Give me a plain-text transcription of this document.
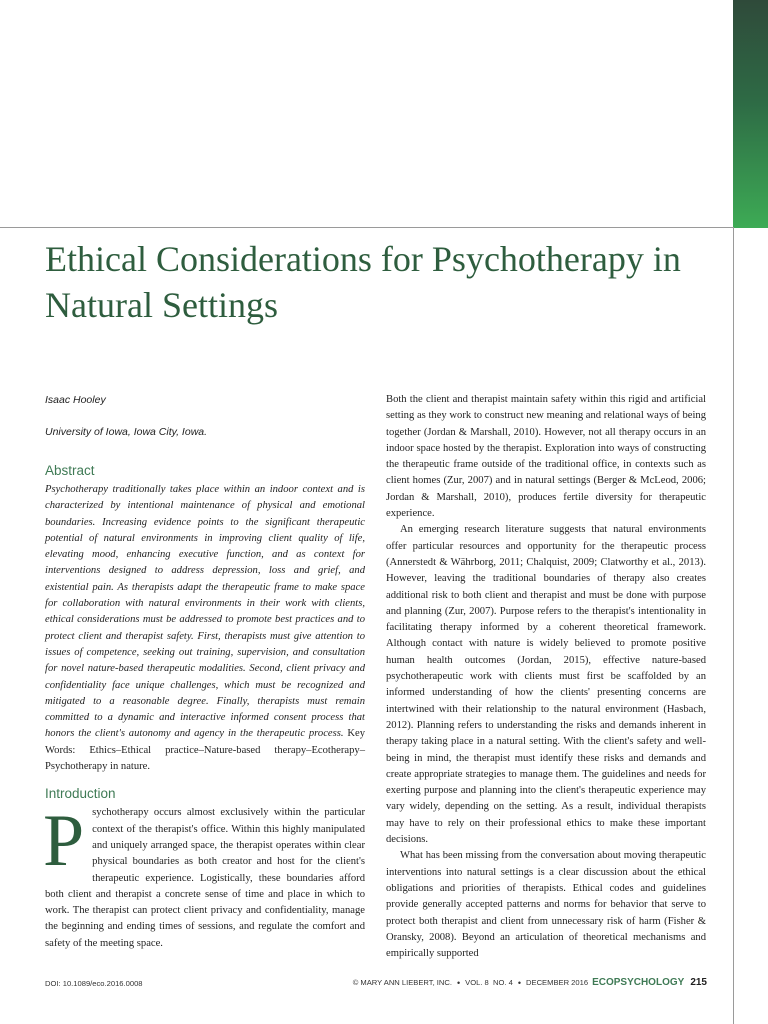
Ethical Considerations for Psychotherapy in Natural Settings

Isaac Hooley

University of Iowa, Iowa City, Iowa.

Abstract

Psychotherapy traditionally takes place within an indoor context and is characterized by intentional maintenance of physical and emotional boundaries. Increasing evidence points to the significant therapeutic potential of natural environments in improving client quality of life, elevating mood, enhancing executive function, and as context for interventions designed to address depression, loss and grief, and existential pain. As therapists adapt the therapeutic frame to make space for collaboration with natural environments in their work with clients, ethical considerations must be addressed to promote best practices and to protect client and therapist safety. First, therapists must give attention to issues of competence, seeking out training, supervision, and consultation for novel nature-based therapeutic modalities. Second, client privacy and confidentiality face unique challenges, which must be recognized and mitigated to a reasonable degree. Finally, therapists must remain committed to a dynamic and interactive informed consent process that honors the client's autonomy and agency in the therapeutic process. Key Words: Ethics–Ethical practice–Nature-based therapy–Ecotherapy–Psychotherapy in nature.

Introduction

Psychotherapy occurs almost exclusively within the particular context of the therapist's office. Within this highly manipulated and uniquely arranged space, the therapist operates within clear physical boundaries as both creator and host for the client's therapeutic experience. Logistically, these boundaries afford both client and therapist a concrete sense of time and place in which to work. The therapist can protect client privacy and confidentiality, manage the beginning and ending times of sessions, and regulate the comfort and safety of the meeting space.

Both the client and therapist maintain safety within this rigid and artificial setting as they work to construct new meaning and relational ways of being together (Jordan & Marshall, 2010). However, not all therapy occurs in an indoor space hosted by the therapist. Exploration into ways of constructing the therapeutic frame outside of the traditional office, in contexts such as client homes (Zur, 2007) and in natural settings (Berger & McLeod, 2006; Jordan & Marshall, 2010), produces fertile diversity for therapeutic experience.

An emerging research literature suggests that natural environments offer particular resources and opportunity for the therapeutic process (Annerstedt & Währborg, 2011; Chalquist, 2009; Clatworthy et al., 2013). However, leaving the traditional boundaries of therapy also creates additional risk to both client and therapist and must be done with purpose and planning (Zur, 2007). Purpose refers to the therapist's intentionality in facilitating therapy informed by a coherent theoretical framework. Although contact with nature is widely believed to promote positive human health outcomes (Jordan, 2015), effective nature-based psychotherapeutic work with clients must first be scaffolded by an informed understanding of how the clients' presenting concerns are intertwined with their relationship to the natural environment (Hasbach, 2012). Planning refers to understanding the risks and demands inherent in therapy taking place in a natural setting. With the client's safety and well-being in mind, the therapist must identify these risks and demands and create appropriate strategies to manage them. The guidelines and needs for exerting purpose and planning into the client's therapeutic experience may vary widely, depending on the setting. As a result, individual therapists may have to rely on their professional ethics to make these important decisions.

What has been missing from the conversation about moving therapeutic interventions into natural settings is a clear discussion about the ethical obligations and priorities of therapists. Ethical codes and guidelines provide generally accepted patterns and norms for behavior that serve to protect both therapist and client from unnecessary risk of harm (Fisher & Oransky, 2008). Beyond an articulation of theoretical mechanisms and empirically supported

DOI: 10.1089/eco.2016.0008	© MARY ANN LIEBERT, INC. • VOL. 8 NO. 4 • DECEMBER 2016 ECOPSYCHOLOGY 215
